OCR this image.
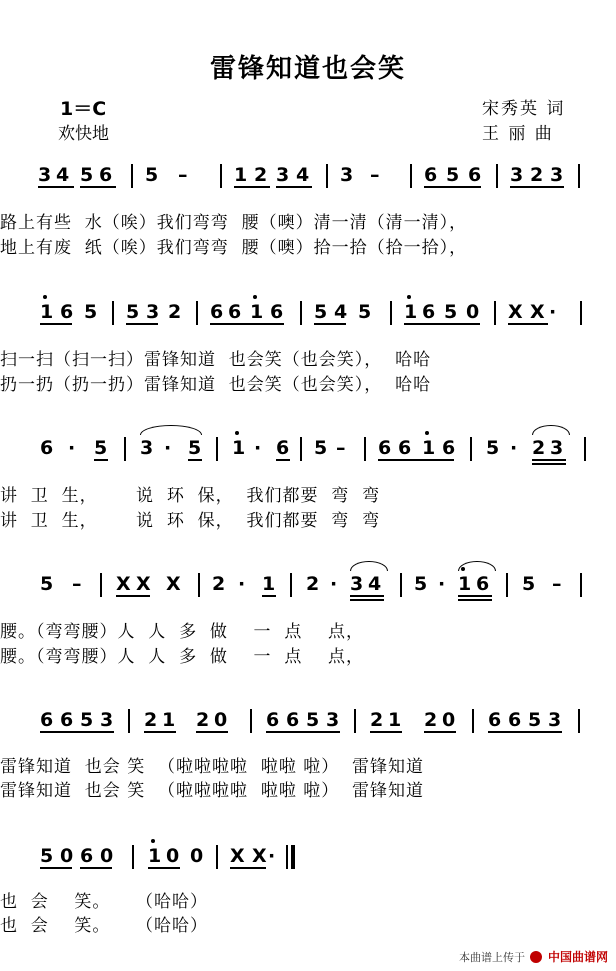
雷锋知道也会笑
1＝C
欢快地
宋秀英 词
王 丽 曲
3 4 5 6 5 – 1 2 3 4 3 – 6 5 6 3 2 3
路上有些  水（唉）我们弯弯  腰（噢）清一清（清一清），
地上有废  纸（唉）我们弯弯  腰（噢）拾一拾（拾一拾），
1 6 5 5 3 2 6 6 1 6 5 4 5 1 6 5 0 X X ·
扫一扫（扫一扫）雷锋知道  也会笑（也会笑），  哈哈
扔一扔（扔一扔）雷锋知道  也会笑（也会笑），  哈哈
6 · 5 3 · 5 1 · 6 5 – 6 6 1 6 5 · 2 3
讲  卫  生，      说  环  保，  我们都要  弯  弯
讲  卫  生，      说  环  保，  我们都要  弯  弯
5 – X X X 2 · 1 2 · 3 4 5 · 1 6 5 –
腰。（弯弯腰）人  人  多  做    一  点    点，
腰。（弯弯腰）人  人  多  做    一  点    点，
6 6 5 3 2 1 2 0 6 6 5 3 2 1 2 0 6 6 5 3
雷锋知道  也会 笑  （啦啦啦啦  啦啦 啦）  雷锋知道
雷锋知道  也会 笑  （啦啦啦啦  啦啦 啦）  雷锋知道
5 0 6 0 1 0 0 X X ·
也  会    笑。    （哈哈）
也  会    笑。    （哈哈）
本曲谱上传于 中国曲谱网
